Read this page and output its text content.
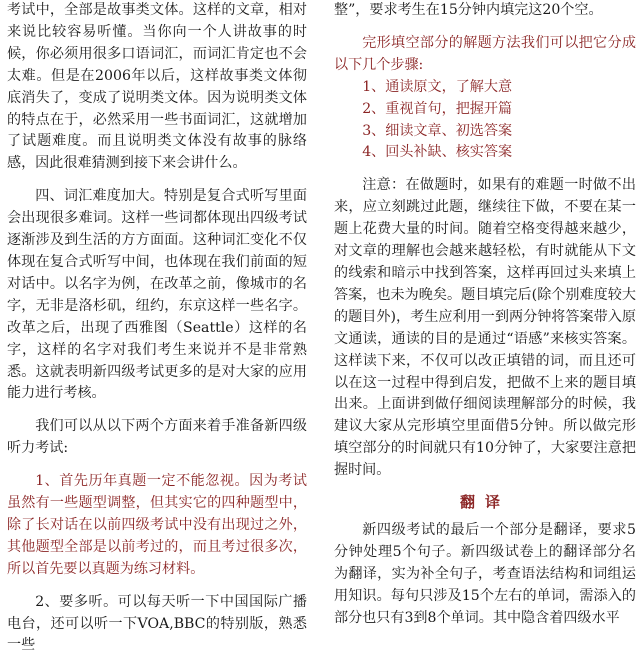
考试中，全部是故事类文体。这样的文章，相对来说比较容易听懂。当你向一个人讲故事的时候，你必须用很多口语词汇，而词汇肯定也不会太难。但是在2006年以后，这样故事类文体彻底消失了，变成了说明类文体。因为说明类文体的特点在于，必然采用一些书面词汇，这就增加了试题难度。而且说明类文体没有故事的脉络感，因此很难猜测到接下来会讲什么。

四、词汇难度加大。特别是复合式听写里面会出现很多难词。这样一些词都体现出四级考试逐渐涉及到生活的方方面面。这种词汇变化不仅体现在复合式听写中间，也体现在我们前面的短对话中。以名字为例，在改革之前，像城市的名字，无非是洛杉矶，纽约，东京这样一些名字。改革之后，出现了西雅图（Seattle）这样的名字，这样的名字对我们考生来说并不是非常熟悉。这就表明新四级考试更多的是对大家的应用能力进行考核。

我们可以从以下两个方面来着手准备新四级听力考试:

1、首先历年真题一定不能忽视。因为考试虽然有一些题型调整，但其实它的四种题型中，除了长对话在以前四级考试中没有出现过之外，其他题型全部是以前考过的，而且考过很多次，所以首先要以真题为练习材料。

2、要多听。可以每天听一下中国国际广播电台，还可以听一下VOA,BBC的特别版，熟悉一些

整”，要求考生在15分钟内填完这20个空。

完形填空部分的解题方法我们可以把它分成以下几个步骤:

1、通读原文，了解大意

2、重视首句，把握开篇

3、细读文章、初选答案

4、回头补缺、核实答案

注意：在做题时，如果有的难题一时做不出来，应立刻跳过此题，继续往下做，不要在某一题上花费大量的时间。随着空格变得越来越少，对文章的理解也会越来越轻松，有时就能从下文的线索和暗示中找到答案，这样再回过头来填上答案，也未为晚矣。题目填完后(除个别难度较大的题目外)，考生应利用一到两分钟将答案带入原文通读，通读的目的是通过“语感”来核实答案。这样读下来，不仅可以改正填错的词，而且还可以在这一过程中得到启发，把做不上来的题目填出来。上面讲到做仔细阅读理解部分的时候，我建议大家从完形填空里面借5分钟。所以做完形填空部分的时间就只有10分钟了，大家要注意把握时间。

翻译

新四级考试的最后一个部分是翻译，要求5分钟处理5个句子。新四级试卷上的翻译部分名为翻译，实为补全句子，考查语法结构和词组运用知识。每句只涉及15个左右的单词，需添入的部分也只有3到8个单词。其中隐含着四级水平
